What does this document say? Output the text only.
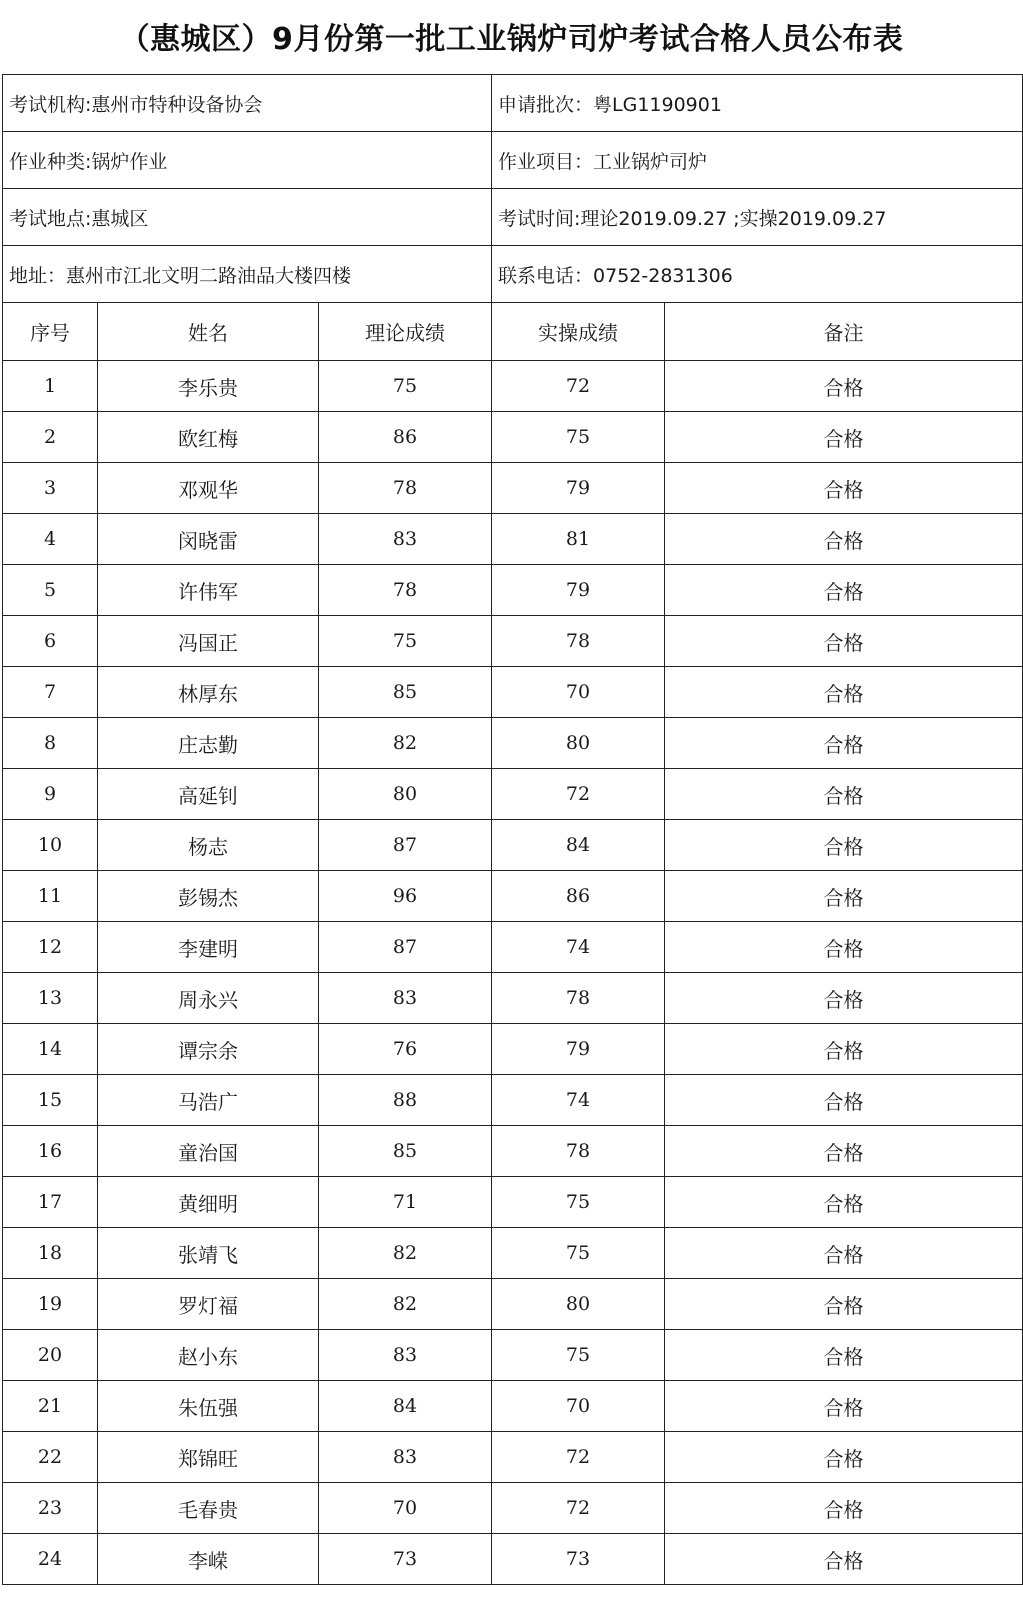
（惠城区）9月份第一批工业锅炉司炉考试合格人员公布表
考试机构:惠州市特种设备协会			申请批次：粤LG1190901	
作业种类:锅炉作业			作业项目：工业锅炉司炉	
考试地点:惠城区			考试时间:理论2019.09.27 ;实操2019.09.27	
地址：惠州市江北文明二路油品大楼四楼			联系电话：0752-2831306	
序号	姓名	理论成绩	实操成绩	备注
1	李乐贵	75	72	合格
2	欧红梅	86	75	合格
3	邓观华	78	79	合格
4	闵晓雷	83	81	合格
5	许伟军	78	79	合格
6	冯国正	75	78	合格
7	林厚东	85	70	合格
8	庄志勤	82	80	合格
9	高延钊	80	72	合格
10	杨志	87	84	合格
11	彭锡杰	96	86	合格
12	李建明	87	74	合格
13	周永兴	83	78	合格
14	谭宗余	76	79	合格
15	马浩广	88	74	合格
16	童治国	85	78	合格
17	黄细明	71	75	合格
18	张靖飞	82	75	合格
19	罗灯福	82	80	合格
20	赵小东	83	75	合格
21	朱伍强	84	70	合格
22	郑锦旺	83	72	合格
23	毛春贵	70	72	合格
24	李嵘	73	73	合格
